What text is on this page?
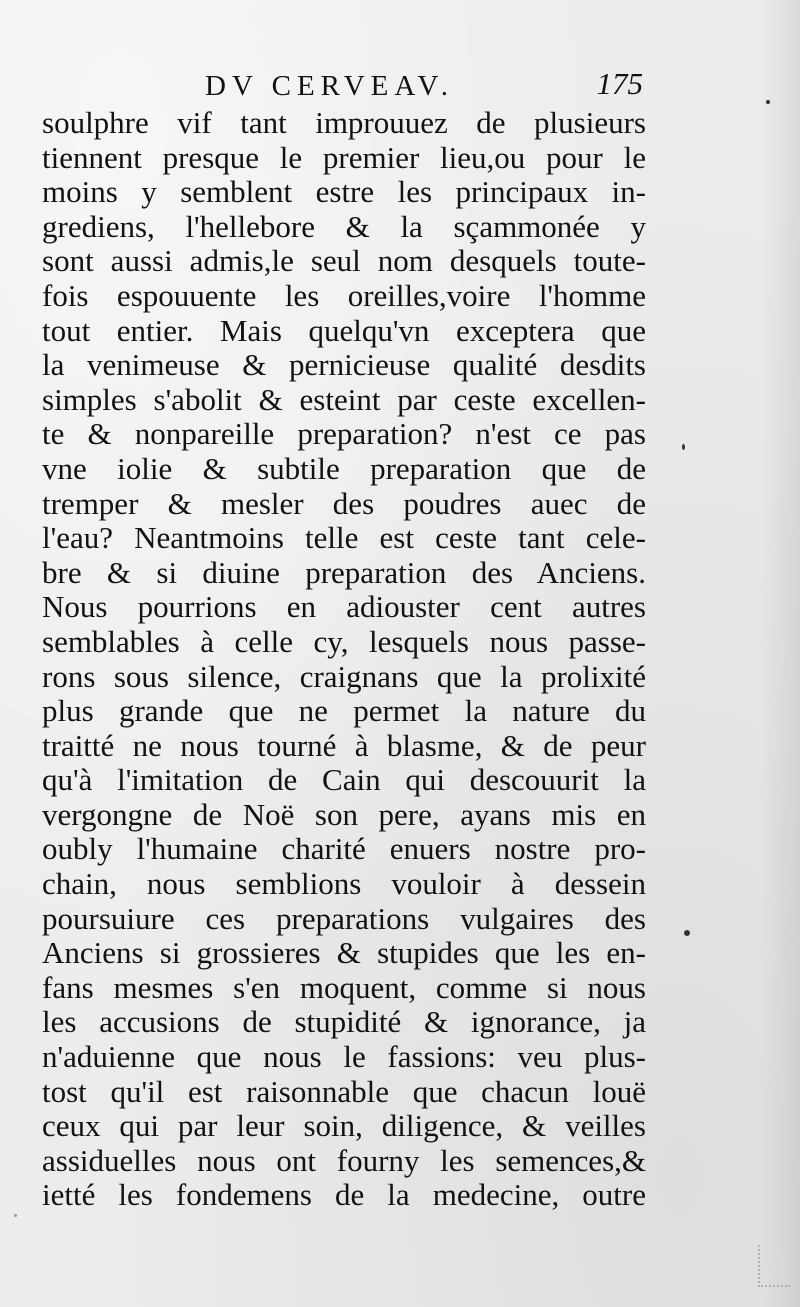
DV CERVEAV.	175
soulphre vif tant improuuez de plusieurs
tiennent presque le premier lieu,ou pour le
moins y semblent estre les principaux in-
grediens, l'hellebore & la sçammonée y
sont aussi admis,le seul nom desquels toute-
fois espouuente les oreilles,voire l'homme
tout entier. Mais quelqu'vn exceptera que
la venimeuse & pernicieuse qualité desdits
simples s'abolit & esteint par ceste excellen-
te & nonpareille preparation? n'est ce pas
vne iolie & subtile preparation que de
tremper & mesler des poudres auec de
l'eau? Neantmoins telle est ceste tant cele-
bre & si diuine preparation des Anciens.
Nous pourrions en adiouster cent autres
semblables à celle cy, lesquels nous passe-
rons sous silence, craignans que la prolixité
plus grande que ne permet la nature du
traitté ne nous tourné à blasme, & de peur
qu'à l'imitation de Cain qui descouurit la
vergongne de Noë son pere, ayans mis en
oubly l'humaine charité enuers nostre pro-
chain, nous semblions vouloir à dessein
poursuiure ces preparations vulgaires des
Anciens si grossieres & stupides que les en-
fans mesmes s'en moquent, comme si nous
les accusions de stupidité & ignorance, ja
n'aduienne que nous le fassions: veu plus-
tost qu'il est raisonnable que chacun louë
ceux qui par leur soin, diligence, & veilles
assiduelles nous ont fourny les semences,&
ietté les fondemens de la medecine, outre
